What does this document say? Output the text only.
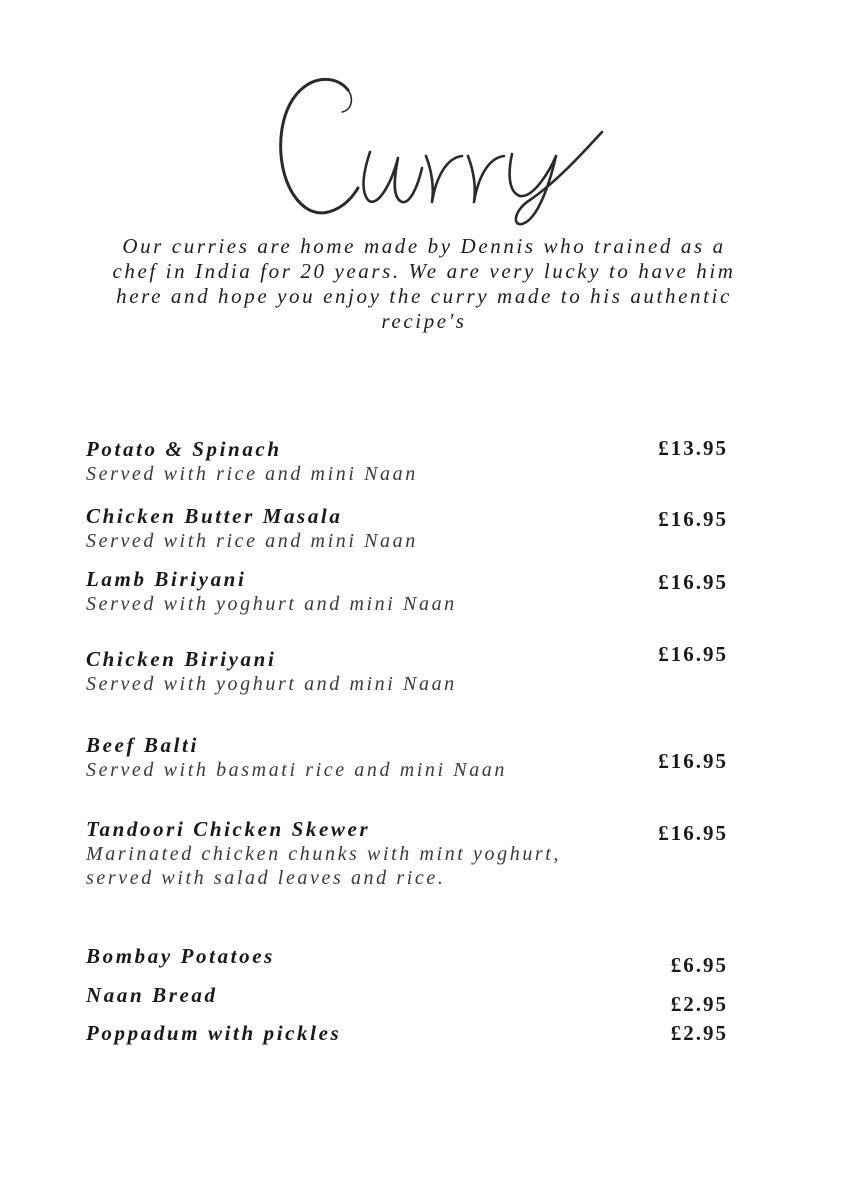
Our curries are home made by Dennis who trained as a chef in India for 20 years. We are very lucky to have him here and hope you enjoy the curry made to his authentic recipe's
Potato & Spinach
Served with rice and mini Naan
£13.95
Chicken Butter Masala
Served with rice and mini Naan
£16.95
Lamb Biriyani
Served with yoghurt and mini Naan
£16.95
Chicken Biriyani
Served with yoghurt and mini Naan
£16.95
Beef Balti
Served with basmati rice and mini Naan	£16.95
Tandoori Chicken Skewer
Marinated chicken chunks with mint yoghurt,
served with salad leaves and rice.
£16.95
Bombay Potatoes	£6.95
Naan Bread	£2.95
Poppadum with pickles	£2.95
